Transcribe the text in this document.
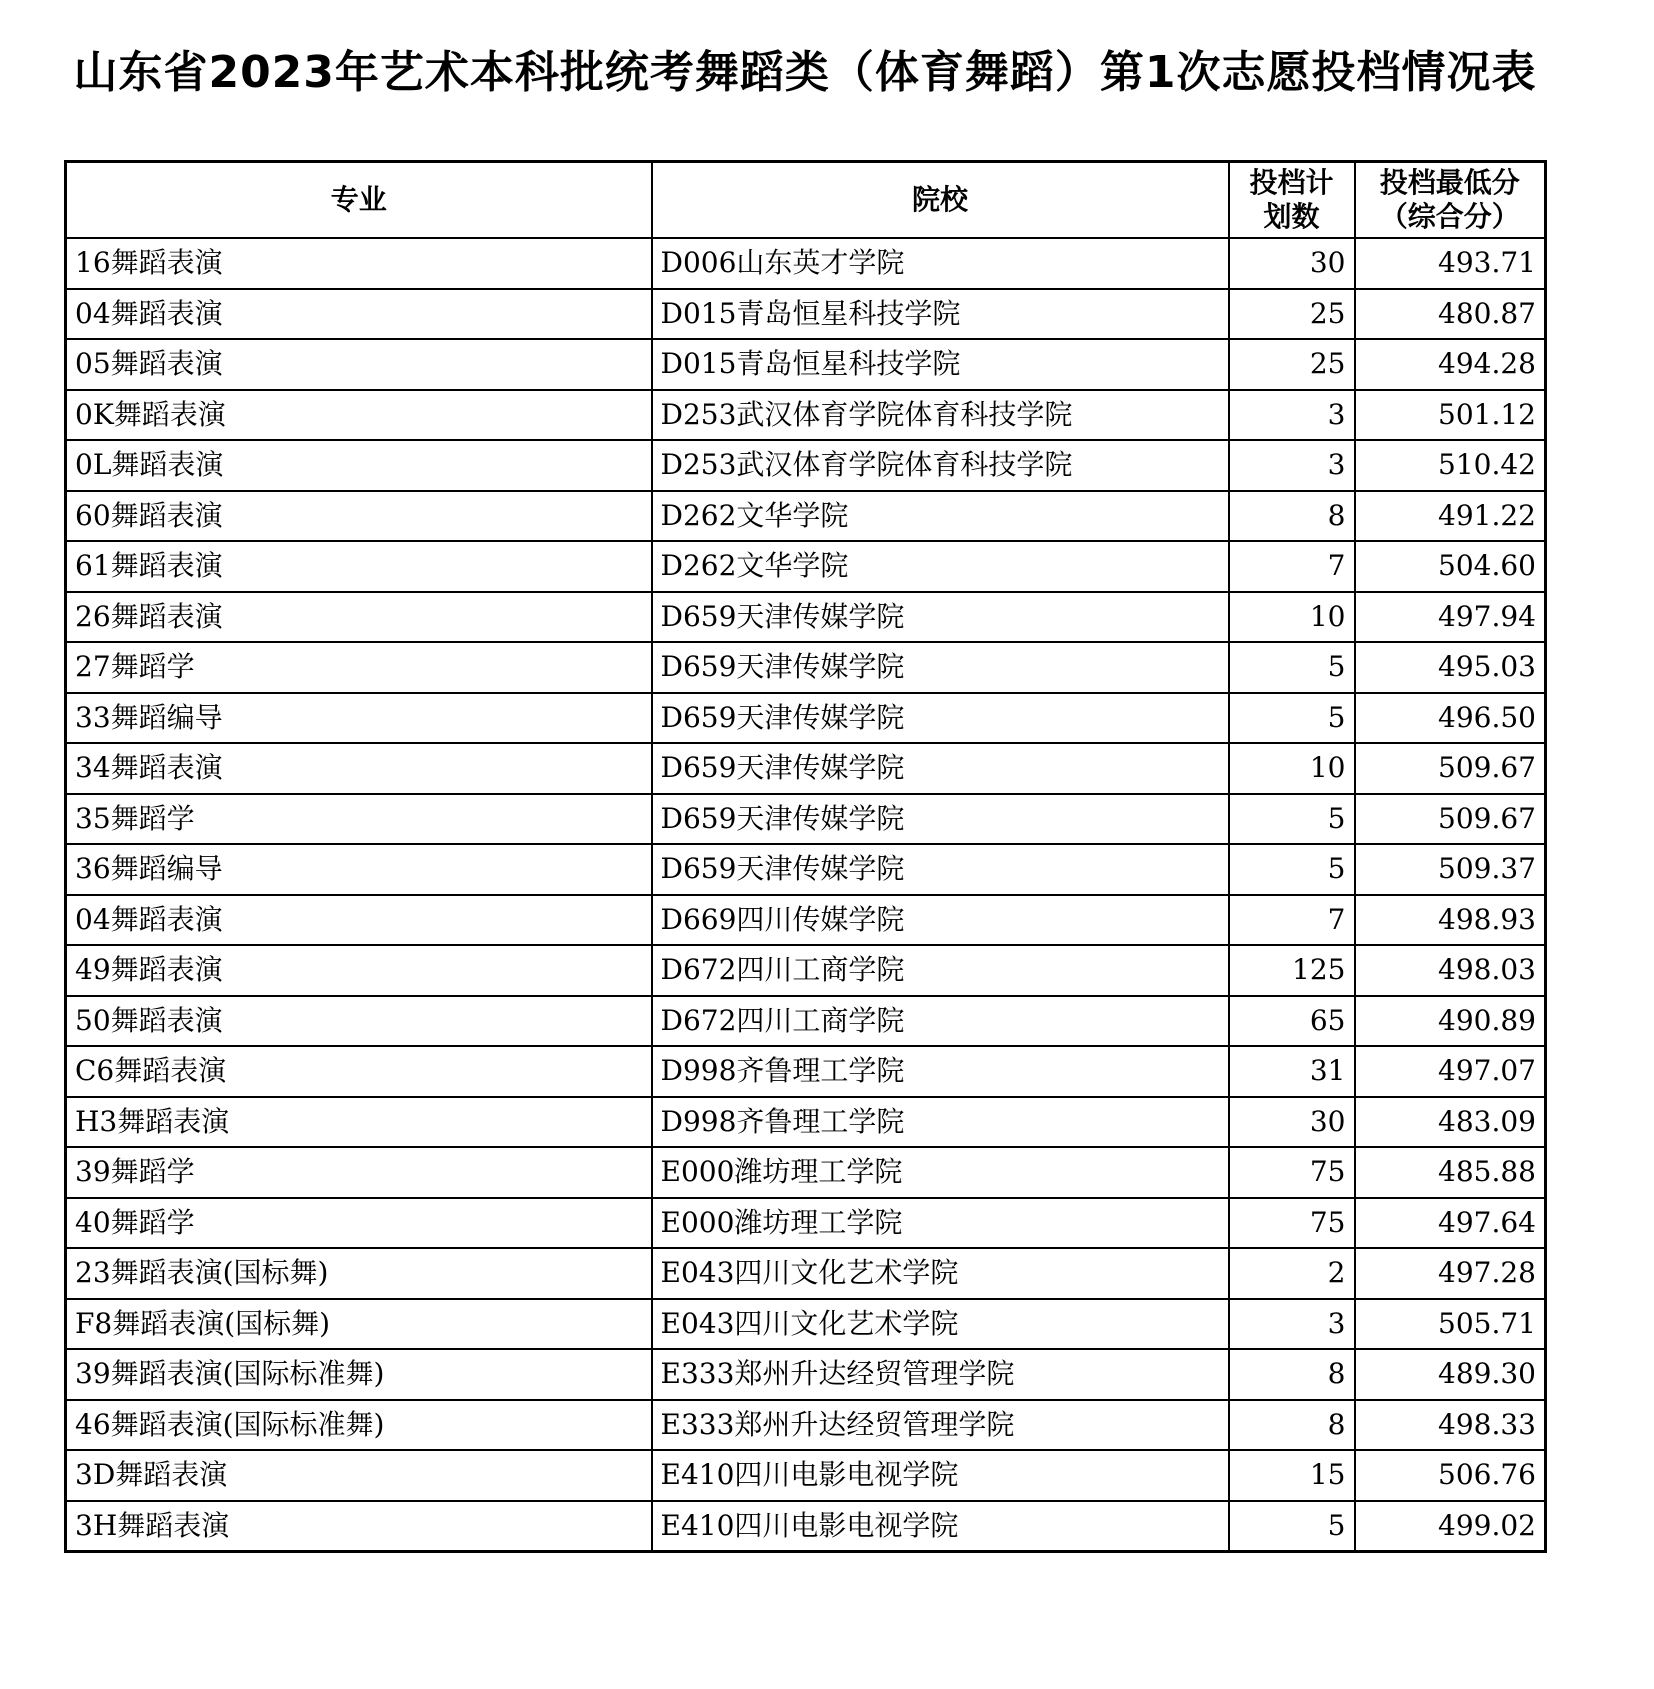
山东省2023年艺术本科批统考舞蹈类（体育舞蹈）第1次志愿投档情况表
专业	院校	投档计划数	投档最低分（综合分）
16舞蹈表演	D006山东英才学院	30	493.71
04舞蹈表演	D015青岛恒星科技学院	25	480.87
05舞蹈表演	D015青岛恒星科技学院	25	494.28
0K舞蹈表演	D253武汉体育学院体育科技学院	3	501.12
0L舞蹈表演	D253武汉体育学院体育科技学院	3	510.42
60舞蹈表演	D262文华学院	8	491.22
61舞蹈表演	D262文华学院	7	504.60
26舞蹈表演	D659天津传媒学院	10	497.94
27舞蹈学	D659天津传媒学院	5	495.03
33舞蹈编导	D659天津传媒学院	5	496.50
34舞蹈表演	D659天津传媒学院	10	509.67
35舞蹈学	D659天津传媒学院	5	509.67
36舞蹈编导	D659天津传媒学院	5	509.37
04舞蹈表演	D669四川传媒学院	7	498.93
49舞蹈表演	D672四川工商学院	125	498.03
50舞蹈表演	D672四川工商学院	65	490.89
C6舞蹈表演	D998齐鲁理工学院	31	497.07
H3舞蹈表演	D998齐鲁理工学院	30	483.09
39舞蹈学	E000潍坊理工学院	75	485.88
40舞蹈学	E000潍坊理工学院	75	497.64
23舞蹈表演(国标舞)	E043四川文化艺术学院	2	497.28
F8舞蹈表演(国标舞)	E043四川文化艺术学院	3	505.71
39舞蹈表演(国际标准舞)	E333郑州升达经贸管理学院	8	489.30
46舞蹈表演(国际标准舞)	E333郑州升达经贸管理学院	8	498.33
3D舞蹈表演	E410四川电影电视学院	15	506.76
3H舞蹈表演	E410四川电影电视学院	5	499.02
